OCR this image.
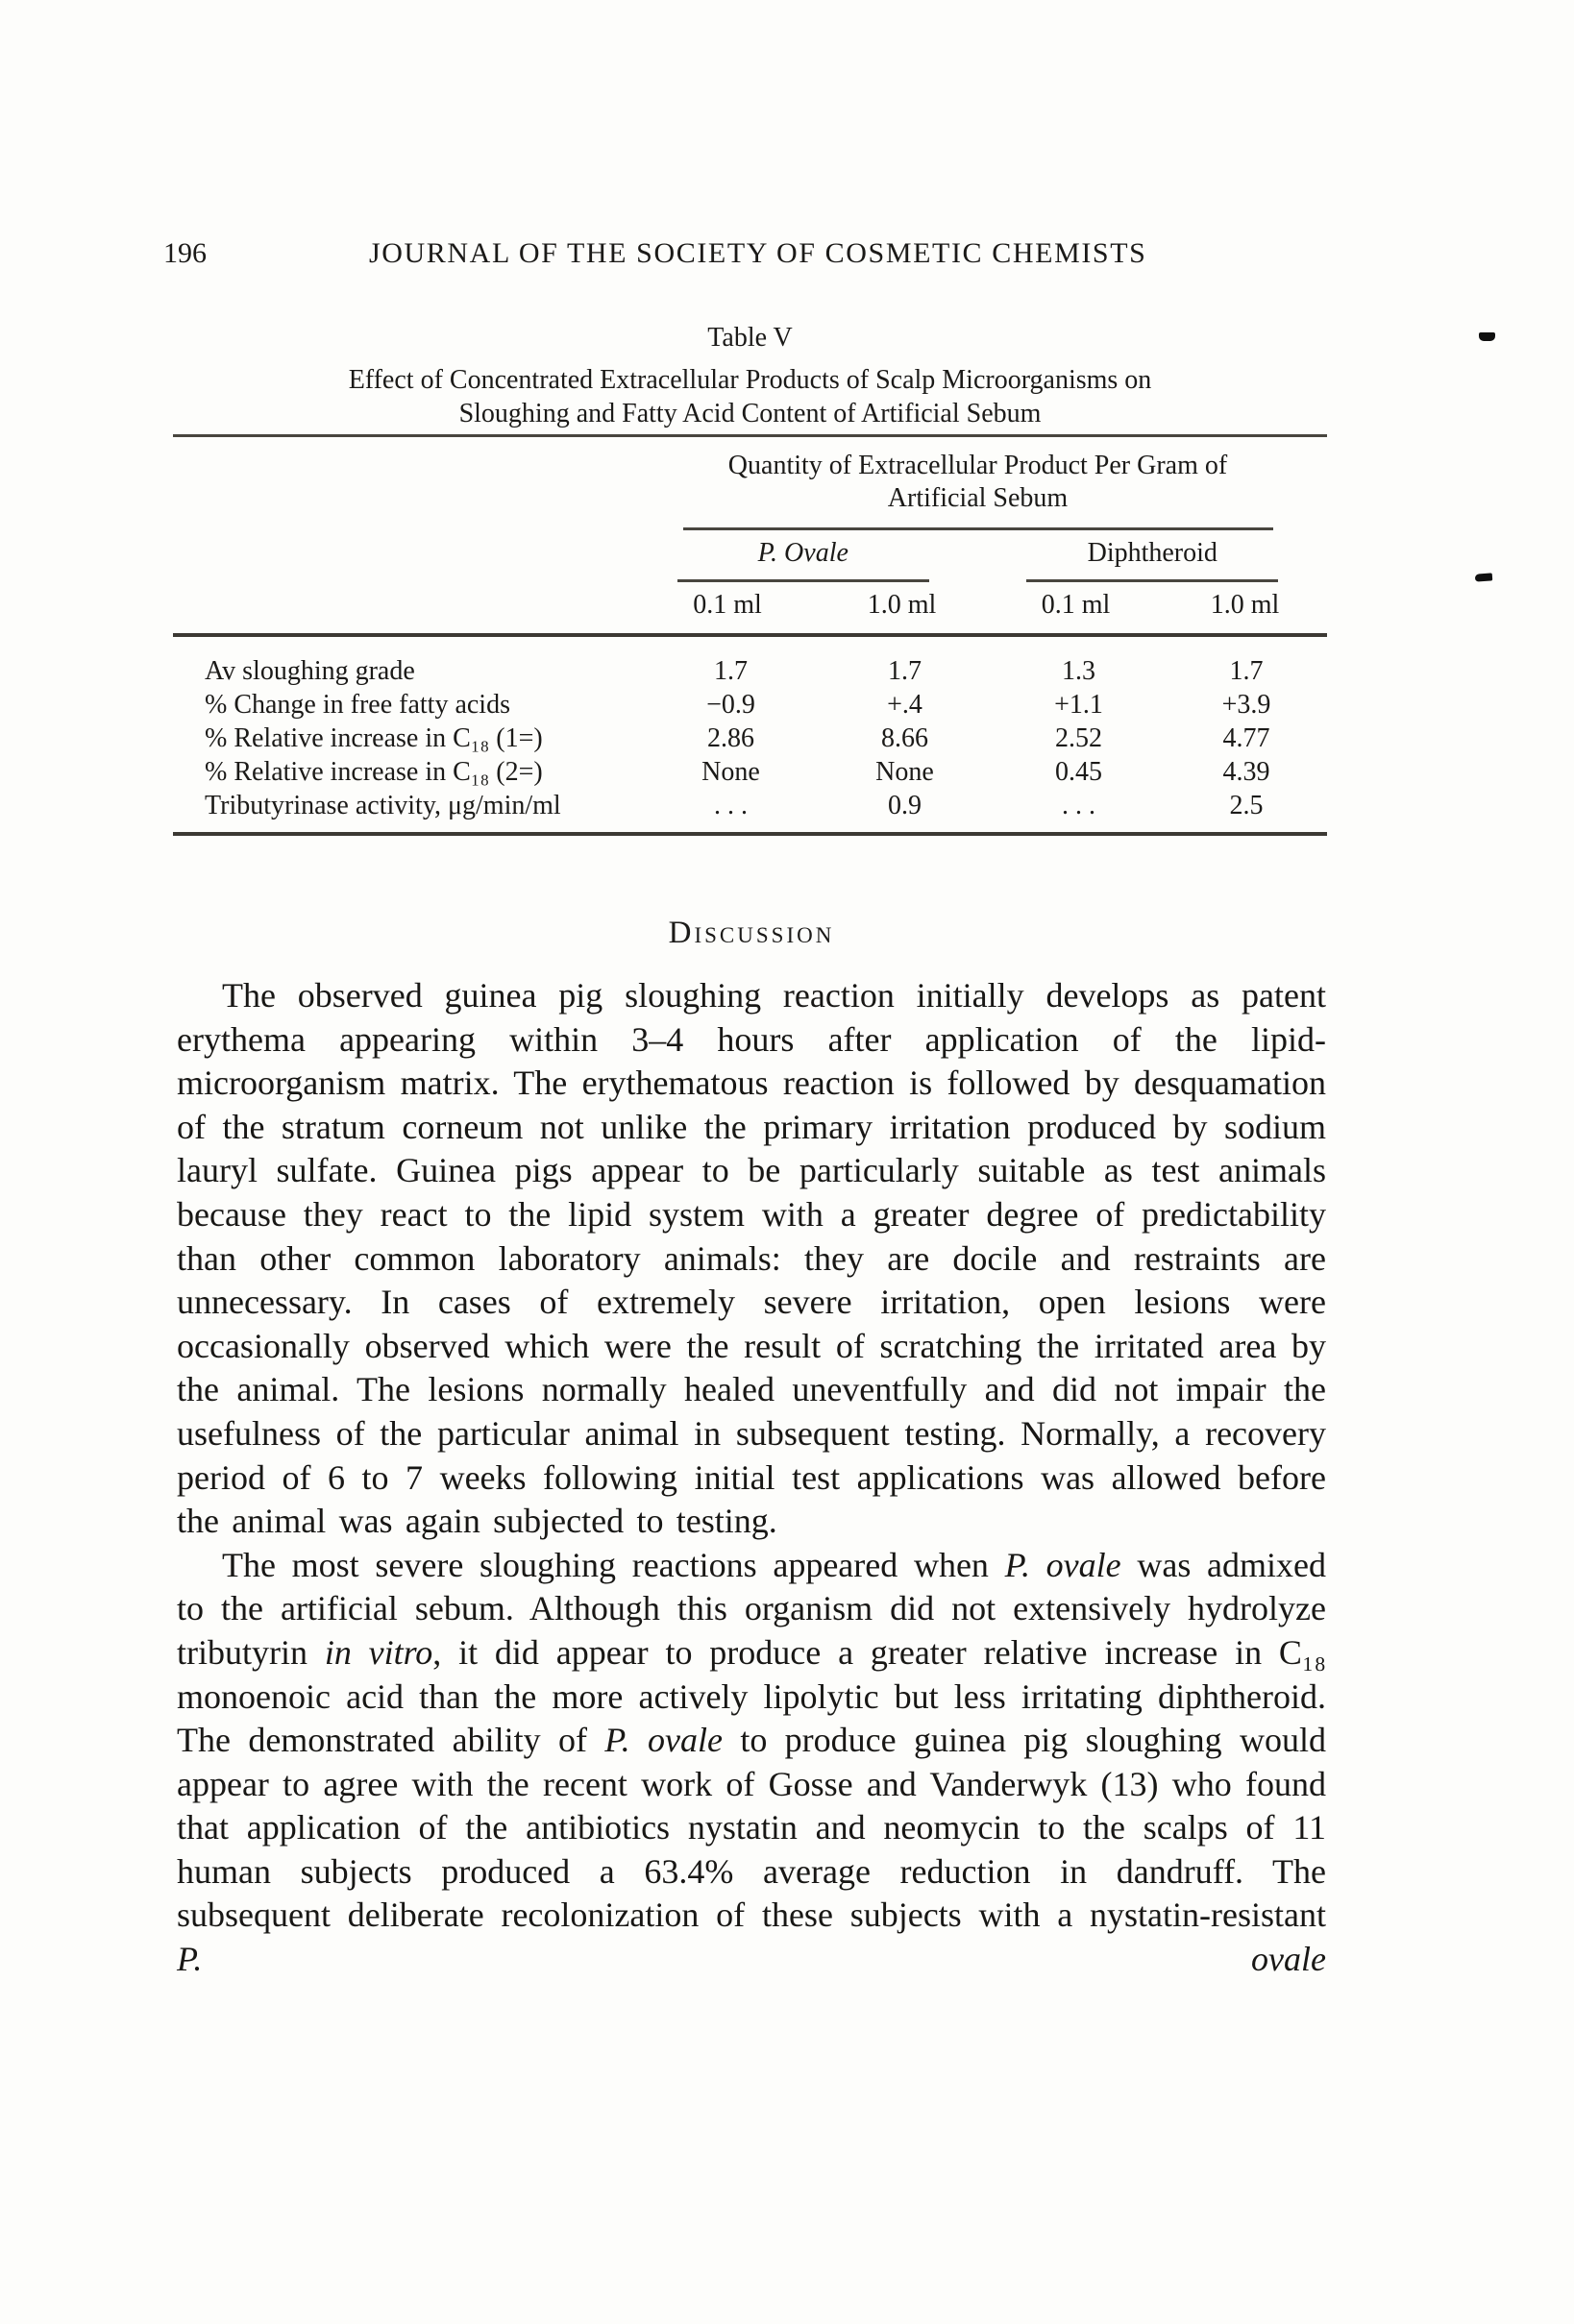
196	JOURNAL OF THE SOCIETY OF COSMETIC CHEMISTS
Table V
Effect of Concentrated Extracellular Products of Scalp Microorganisms on
Sloughing and Fatty Acid Content of Artificial Sebum
Quantity of Extracellular Product Per Gram of
Artificial Sebum
P. Ovale	Diphtheroid
0.1 ml	1.0 ml	0.1 ml	1.0 ml
Av sloughing grade	1.7	1.7	1.3	1.7
% Change in free fatty acids	−0.9	+.4	+1.1	+3.9
% Relative increase in C₁₈ (1=)	2.86	8.66	2.52	4.77
% Relative increase in C₁₈ (2=)	None	None	0.45	4.39
Tributyrinase activity, μg/min/ml	. . .	0.9	. . .	2.5
Discussion

The observed guinea pig sloughing reaction initially develops as patent erythema appearing within 3–4 hours after application of the lipid-microorganism matrix. The erythematous reaction is followed by desquamation of the stratum corneum not unlike the primary irritation produced by sodium lauryl sulfate. Guinea pigs appear to be particularly suitable as test animals because they react to the lipid system with a greater degree of predictability than other common laboratory animals: they are docile and restraints are unnecessary. In cases of extremely severe irritation, open lesions were occasionally observed which were the result of scratching the irritated area by the animal. The lesions normally healed uneventfully and did not impair the usefulness of the particular animal in subsequent testing. Normally, a recovery period of 6 to 7 weeks following initial test applications was allowed before the animal was again subjected to testing.

The most severe sloughing reactions appeared when P. ovale was admixed to the artificial sebum. Although this organism did not extensively hydrolyze tributyrin in vitro, it did appear to produce a greater relative increase in C₁₈ monoenoic acid than the more actively lipolytic but less irritating diphtheroid. The demonstrated ability of P. ovale to produce guinea pig sloughing would appear to agree with the recent work of Gosse and Vanderwyk (13) who found that application of the antibiotics nystatin and neomycin to the scalps of 11 human subjects produced a 63.4% average reduction in dandruff. The subsequent deliberate recolonization of these subjects with a nystatin-resistant P. ovale
